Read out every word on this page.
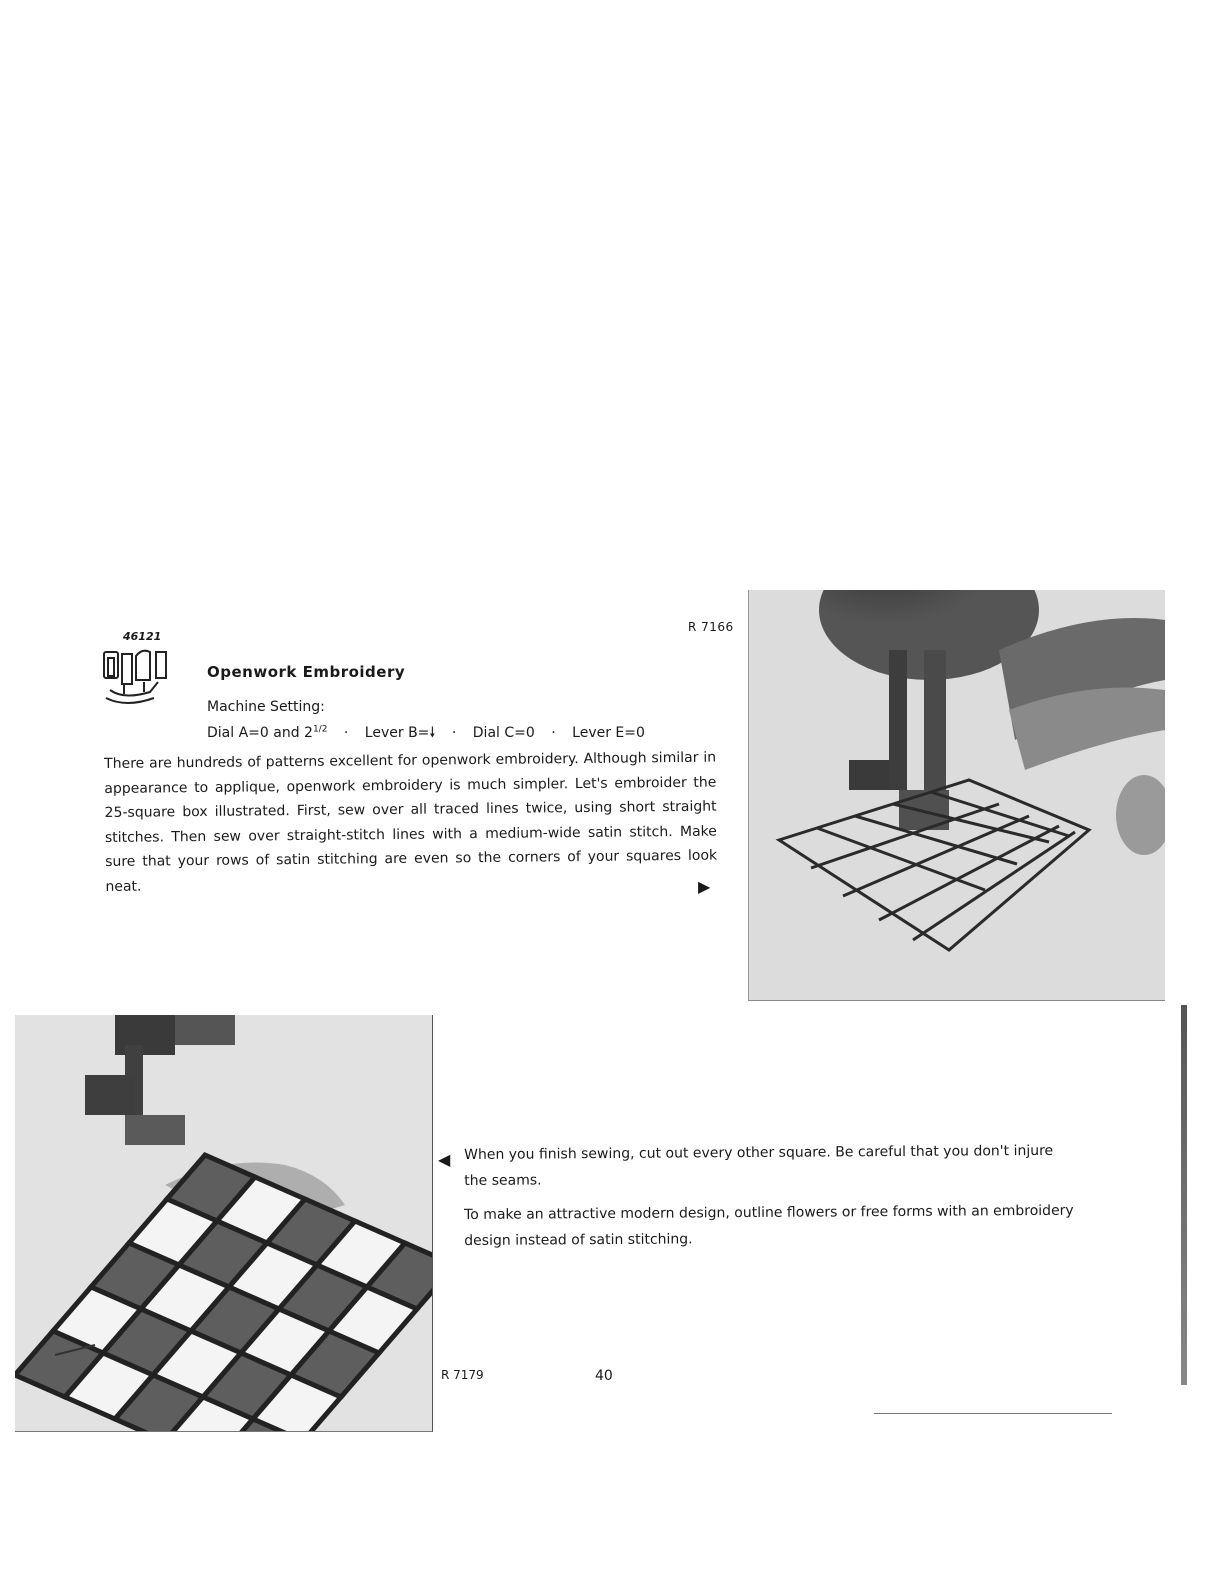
46121
R 7166
Openwork Embroidery
Machine Setting:
Dial A=0 and $2^{1/2}$ · Lever B=🠗 · Dial C=0 · Lever E=0
There are hundreds of patterns excellent for openwork embroidery. Although similar in appearance to applique, openwork embroidery is much simpler. Let's embroider the 25-square box illustrated. First, sew over all traced lines twice, using short straight stitches. Then sew over straight-stitch lines with a medium-wide satin stitch. Make sure that your rows of satin stitching are even so the corners of your squares look neat.	▶
◀ When you finish sewing, cut out every other square. Be careful that you don't injure the seams.
To make an attractive modern design, outline flowers or free forms with an embroidery design instead of satin stitching.
R 7179	40
